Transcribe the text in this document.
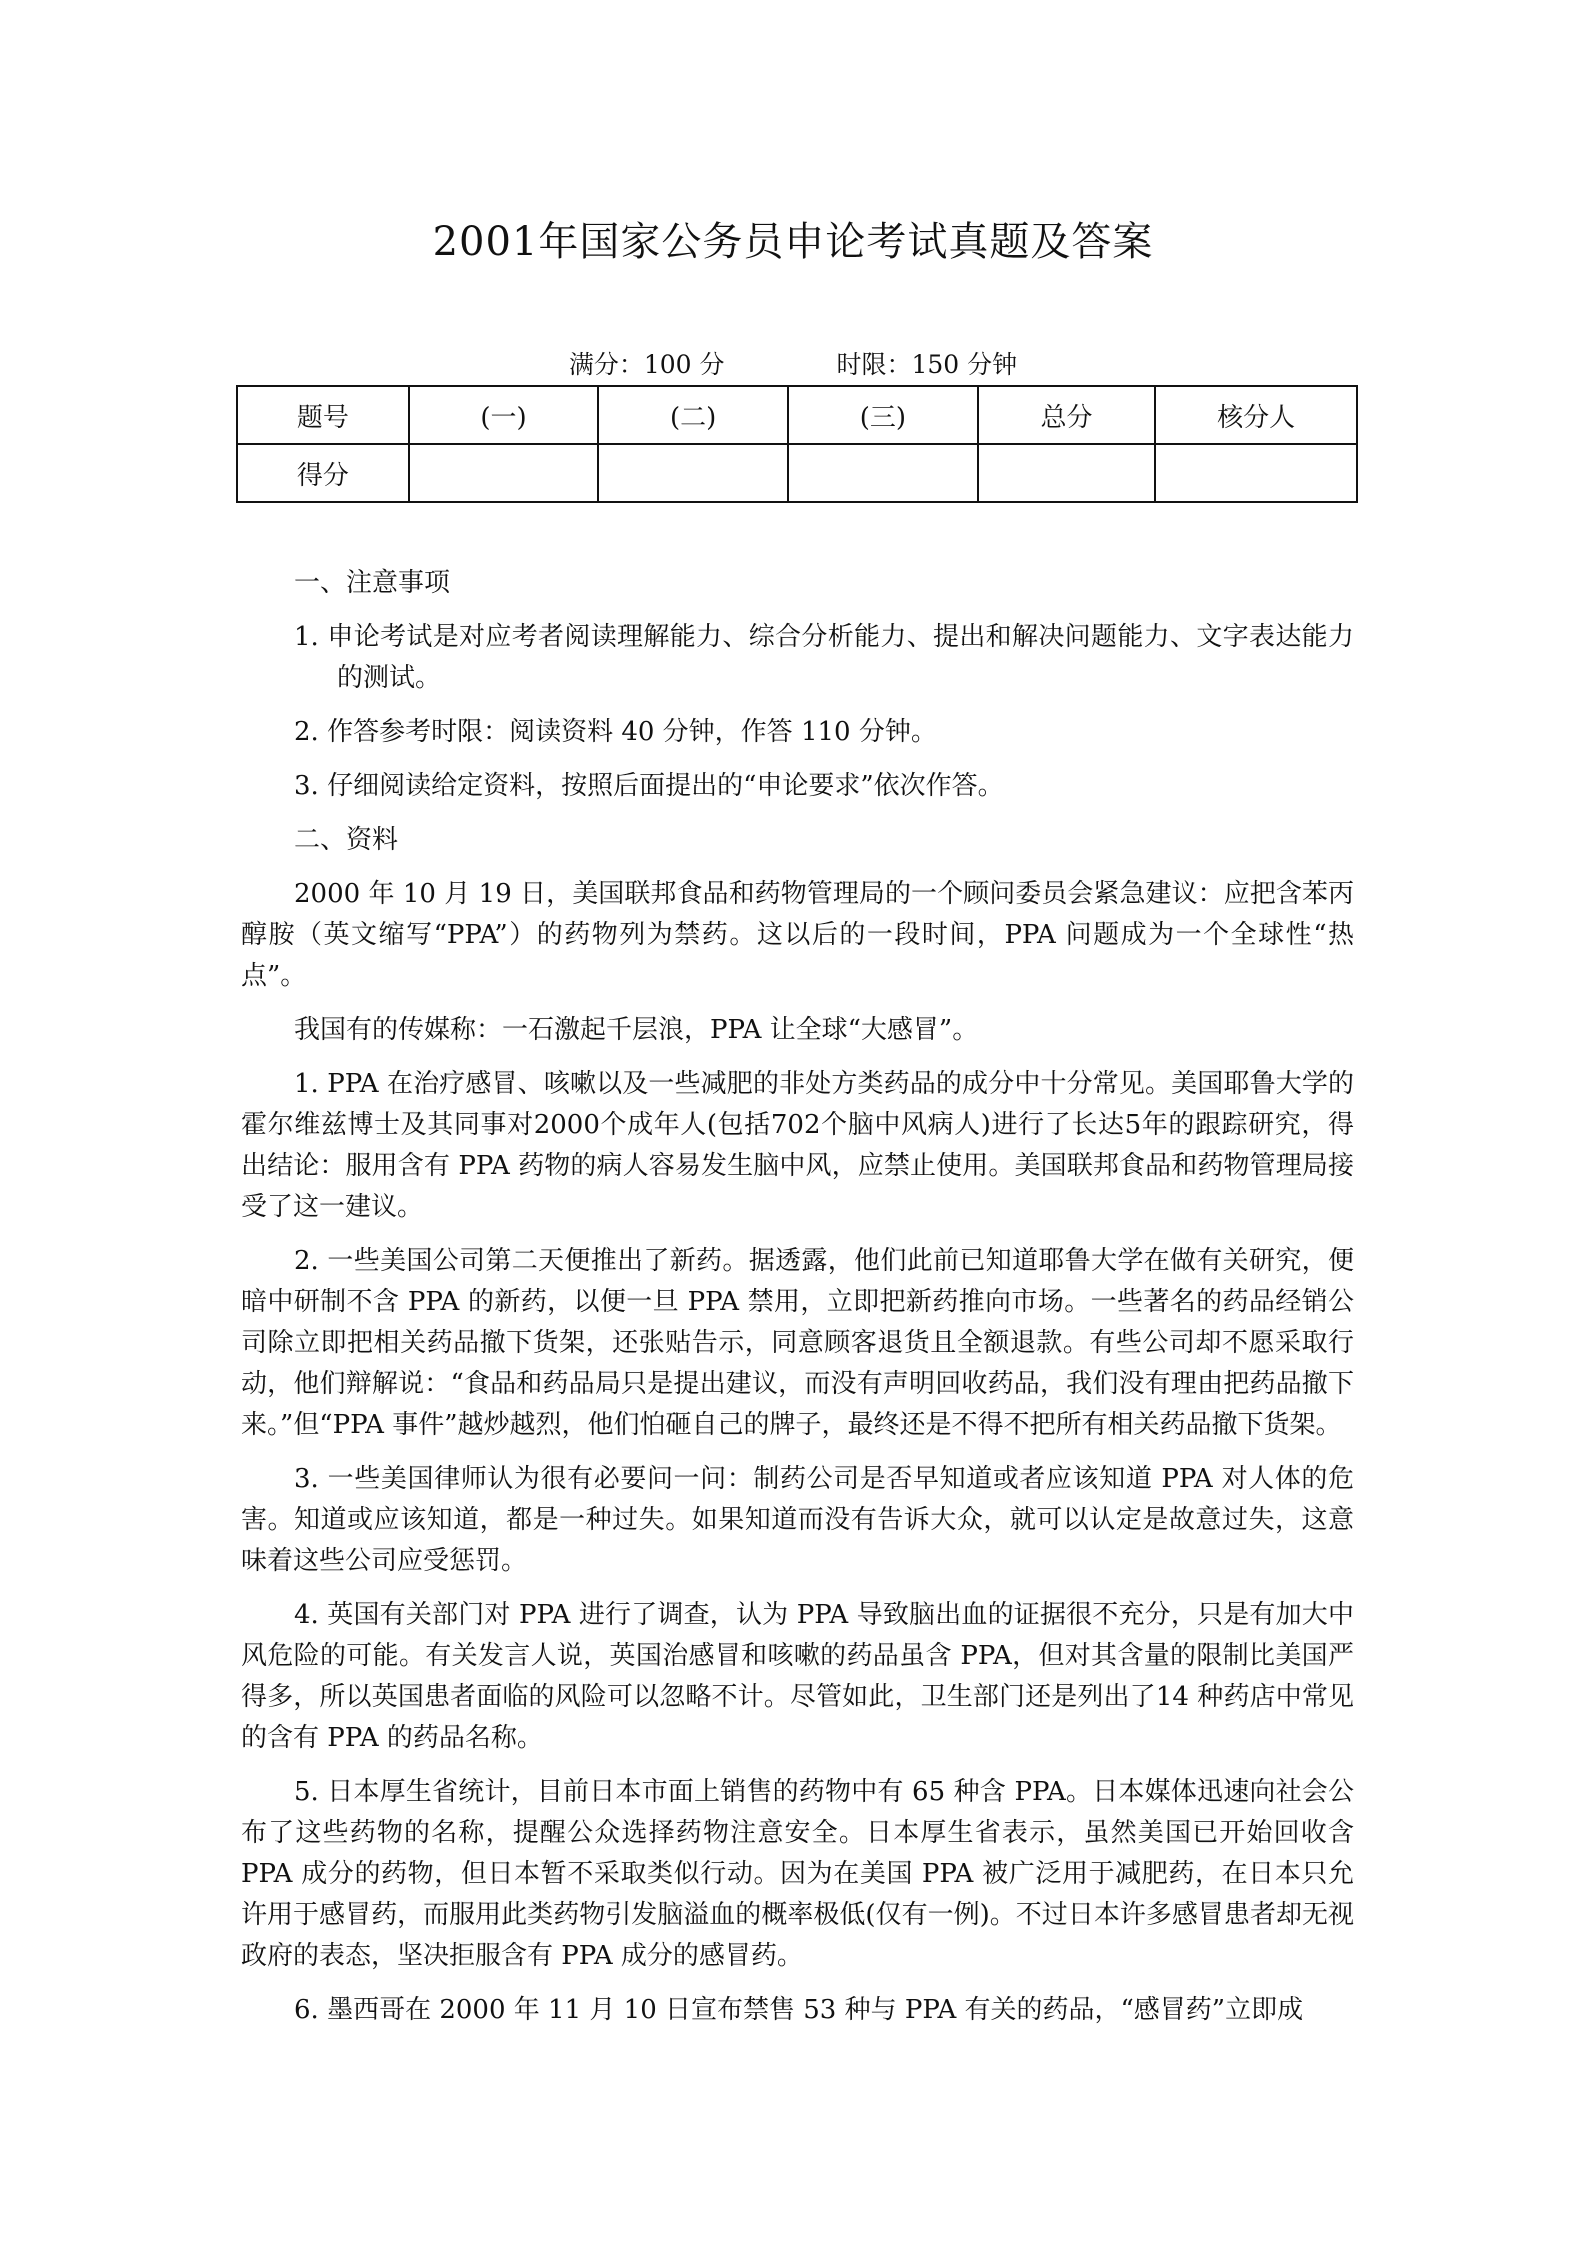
2001年国家公务员申论考试真题及答案
满分：100 分	时限：150 分钟
题号	(一)	(二)	(三)	总分	核分人
得分					

一、注意事项

1. 申论考试是对应考者阅读理解能力、综合分析能力、提出和解决问题能力、文字表达能力的测试。

2. 作答参考时限：阅读资料 40 分钟，作答 110 分钟。

3. 仔细阅读给定资料，按照后面提出的“申论要求”依次作答。

二、资料

2000 年 10 月 19 日，美国联邦食品和药物管理局的一个顾问委员会紧急建议：应把含苯丙醇胺（英文缩写“PPA”）的药物列为禁药。这以后的一段时间，PPA 问题成为一个全球性“热点”。

我国有的传媒称：一石激起千层浪，PPA 让全球“大感冒”。

1. PPA 在治疗感冒、咳嗽以及一些减肥的非处方类药品的成分中十分常见。美国耶鲁大学的霍尔维兹博士及其同事对2000个成年人(包括702个脑中风病人)进行了长达5年的跟踪研究，得出结论：服用含有 PPA 药物的病人容易发生脑中风，应禁止使用。美国联邦食品和药物管理局接受了这一建议。

2. 一些美国公司第二天便推出了新药。据透露，他们此前已知道耶鲁大学在做有关研究，便暗中研制不含 PPA 的新药，以便一旦 PPA 禁用，立即把新药推向市场。一些著名的药品经销公司除立即把相关药品撤下货架，还张贴告示，同意顾客退货且全额退款。有些公司却不愿采取行动，他们辩解说：“食品和药品局只是提出建议，而没有声明回收药品，我们没有理由把药品撤下来。”但“PPA 事件”越炒越烈，他们怕砸自己的牌子，最终还是不得不把所有相关药品撤下货架。

3. 一些美国律师认为很有必要问一问：制药公司是否早知道或者应该知道 PPA 对人体的危害。知道或应该知道，都是一种过失。如果知道而没有告诉大众，就可以认定是故意过失，这意味着这些公司应受惩罚。

4. 英国有关部门对 PPA 进行了调查，认为 PPA 导致脑出血的证据很不充分，只是有加大中风危险的可能。有关发言人说，英国治感冒和咳嗽的药品虽含 PPA，但对其含量的限制比美国严得多，所以英国患者面临的风险可以忽略不计。尽管如此，卫生部门还是列出了14 种药店中常见的含有 PPA 的药品名称。

5. 日本厚生省统计，目前日本市面上销售的药物中有 65 种含 PPA。日本媒体迅速向社会公布了这些药物的名称，提醒公众选择药物注意安全。日本厚生省表示，虽然美国已开始回收含 PPA 成分的药物，但日本暂不采取类似行动。因为在美国 PPA 被广泛用于减肥药，在日本只允许用于感冒药，而服用此类药物引发脑溢血的概率极低(仅有一例)。不过日本许多感冒患者却无视政府的表态，坚决拒服含有 PPA 成分的感冒药。

6. 墨西哥在 2000 年 11 月 10 日宣布禁售 53 种与 PPA 有关的药品，“感冒药”立即成
